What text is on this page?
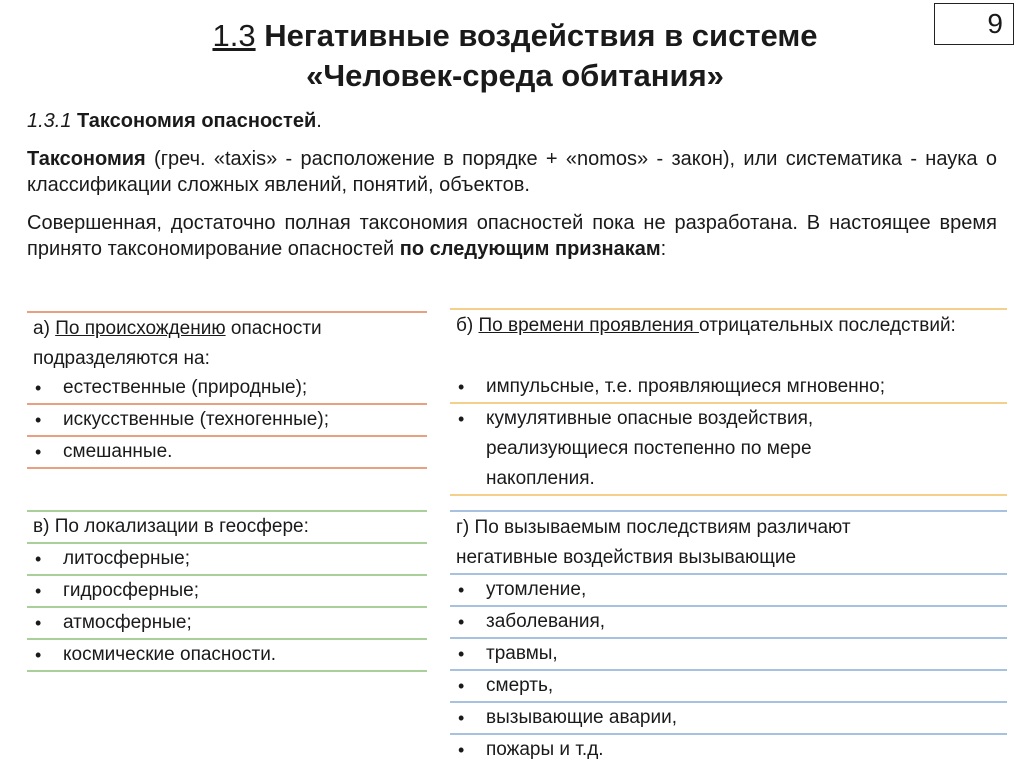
9
1.3 Негативные воздействия в системе
«Человек-среда обитания»
1.3.1 Таксономия опасностей.
Таксономия (греч. «taxis» - расположение в порядке + «nomos» - закон), или систематика - наука о классификации сложных явлений, понятий, объектов.
Совершенная, достаточно полная таксономия опасностей пока не разработана. В настоящее время принято таксономирование опасностей по следующим признакам:
а) По происхождению опасности подразделяются на:
• естественные (природные);
• искусственные (техногенные);
• смешанные.
б) По времени проявления отрицательных последствий:
• импульсные, т.е. проявляющиеся мгновенно;
• кумулятивные опасные воздействия, реализующиеся постепенно по мере накопления.
в) По локализации в геосфере:
• литосферные;
• гидросферные;
• атмосферные;
• космические опасности.
г) По вызываемым последствиям различают негативные воздействия вызывающие
• утомление,
• заболевания,
• травмы,
• смерть,
• вызывающие аварии,
• пожары и т.д.
